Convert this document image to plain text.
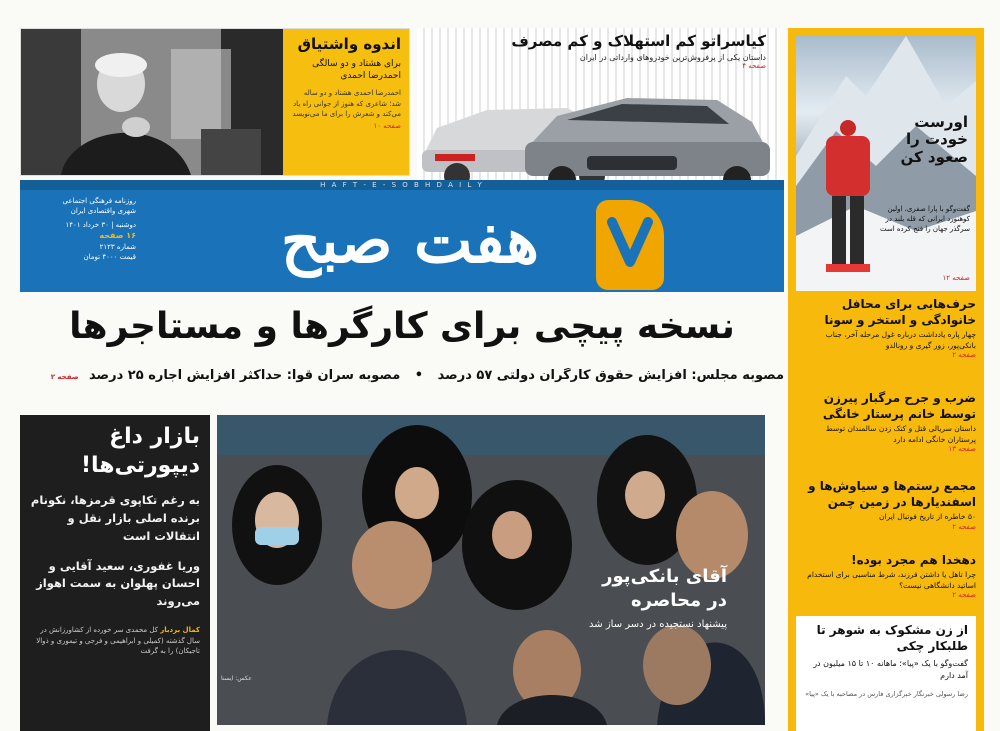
اندوه واشتیاق
برای هشتاد و دو سالگی احمدرضا احمدی
احمدرضا احمدی هشتاد و دو ساله شد؛ شاعری که هنوز از جوانی راه یاد می‌کند و شعرش را برای ما می‌نویسد
صفحه ۱۰
کیاسراتو کم استهلاک و کم مصرف
داستان یکی از پرفروش‌ترین خودروهای وارداتی در ایران
صفحه ۴
اورست خودت را صعود کن
گفت‌وگو با پارا صفری، اولین کوهنورد ایرانی که قله بلند در سرگذر جهان را فتح کرده است
صفحه ۱۲
حرف‌هایی برای محافل خانوادگی و استخر و سونا
چهار پاره یادداشت درباره غول مرحله آخر، جناب بانکی‌پور، زور گیری و رونالدو
صفحه ۲
ضرب و جرح مرگبار پیرزن توسط خانم پرستار خانگی
داستان سریالی قتل و کتک زدن سالمندان توسط پرستاران خانگی ادامه دارد
صفحه ۱۳
مجمع رستم‌ها و سیاوش‌ها و اسفندیارها در زمین چمن
۵۰ خاطره از تاریخ فوتبال ایران
صفحه ۲
دهخدا هم مجرد بوده!
چرا تاهل یا داشتن فرزند، شرط مناسبی برای استخدام اساتید دانشگاهی نیست؟
صفحه ۲
از زن مشکوک به شوهر تا طلبکار چکی
گفت‌وگو با یک «پیا»؛ ماهانه ۱۰ تا ۱۵ میلیون در آمد دارم
رضا رسولی خبرنگار خبرگزاری فارس در مصاحبه با یک «پیا»
H A F T - E - S O B H D A I L Y
هفت صبح
روزنامه فرهنگی اجتماعی
شهری واقتصادی ایران
دوشنبه | ۳۰ خرداد ۱۴۰۱
۱۶ صفحه
شماره ۲۱۲۳
قیمت ۴۰۰۰ تومان
نسخه پیچی برای کارگرها و مستاجرها
مصوبه مجلس: افزایش حقوق کارگران دولتی ۵۷ درصد • مصوبه سران قوا: حداکثر افزایش اجاره ۲۵ درصد صفحه ۲
بازار داغ دیپورتی‌ها!
به رغم تکاپوی قرمزها، نکونام برنده اصلی بازار نقل و انتقالات است
وریا غفوری، سعید آقایی و احسان پهلوان به سمت اهواز می‌روند
کمال بردبار کل محمدی سر خورده از کشاورزانش در سال گذشته (کمیلی و ابراهیمی و فرجی و تیموری و ذوالا تاجیکان) را به گرفت
آقای بانکی‌پور در محاصره
پیشنهاد نستجیده در دسر ساز شد
عکس: ایسنا
